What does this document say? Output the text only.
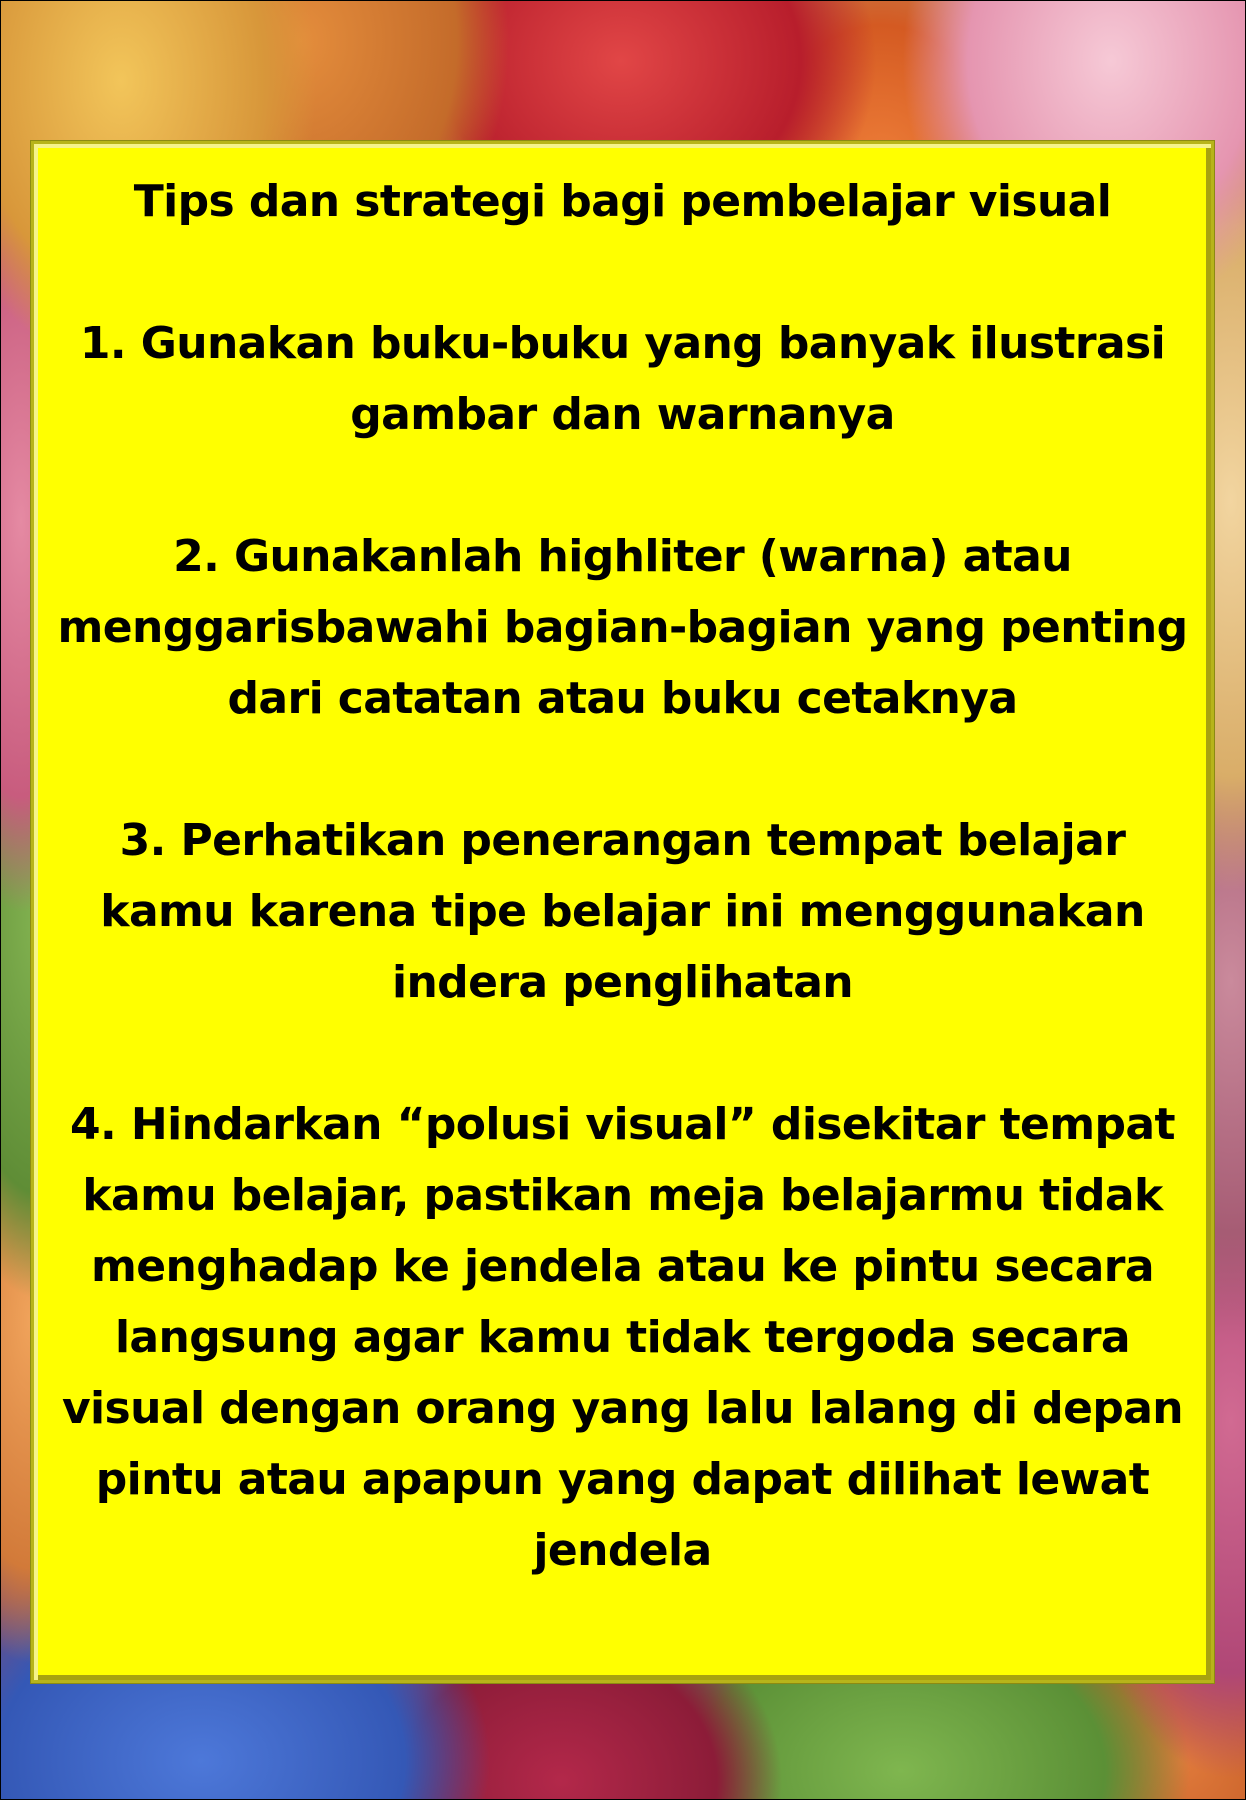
Tips dan strategi bagi pembelajar visual

1. Gunakan buku-buku yang banyak ilustrasi
gambar dan warnanya

2. Gunakanlah highliter (warna) atau
menggarisbawahi bagian-bagian yang penting
dari catatan atau buku cetaknya

3. Perhatikan penerangan tempat belajar
kamu karena tipe belajar ini menggunakan
indera penglihatan

4. Hindarkan “polusi visual” disekitar tempat
kamu belajar, pastikan meja belajarmu tidak
menghadap ke jendela atau ke pintu secara
langsung agar kamu tidak tergoda secara
visual dengan orang yang lalu lalang di depan
pintu atau apapun yang dapat dilihat lewat
jendela
